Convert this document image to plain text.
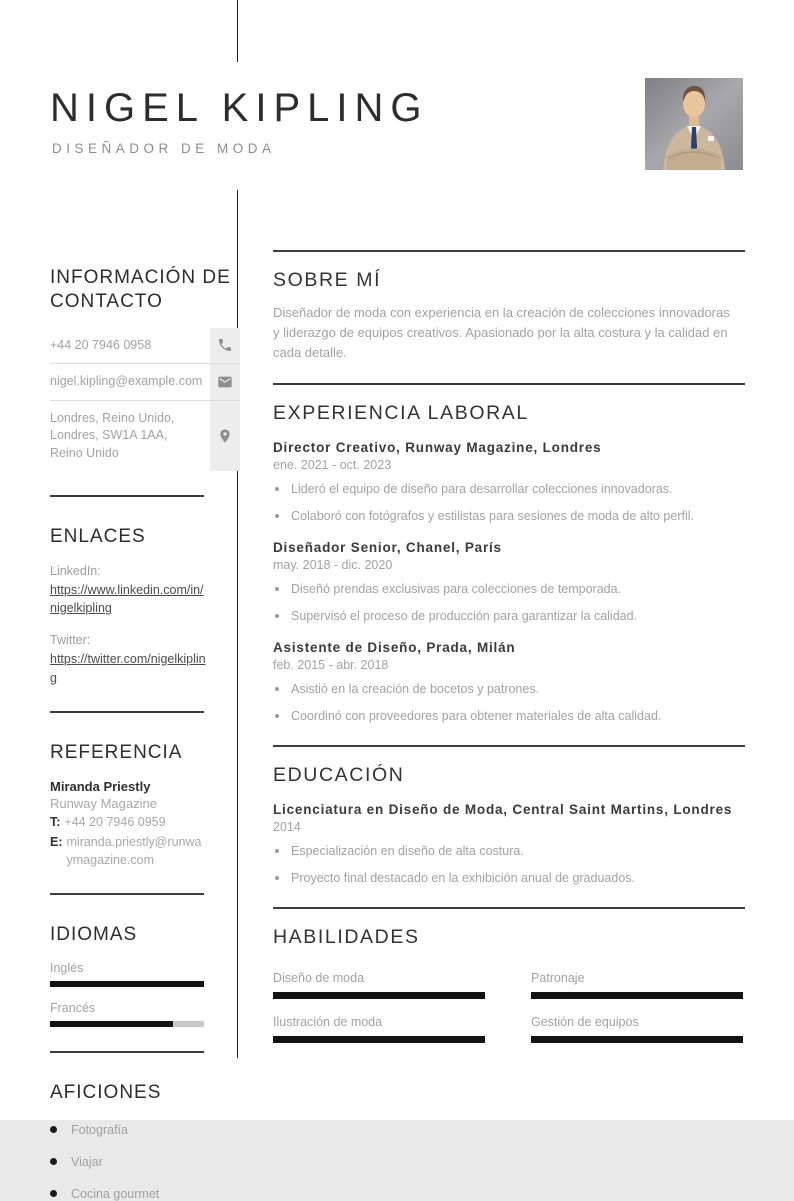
NIGEL KIPLING
DISEÑADOR DE MODA
INFORMACIÓN DE CONTACTO
+44 20 7946 0958
nigel.kipling@example.com
Londres, Reino Unido, Londres, SW1A 1AA, Reino Unido
ENLACES
LinkedIn:
https://www.linkedin.com/in/nigelkipling
Twitter:
https://twitter.com/nigelkipling
REFERENCIA
Miranda Priestly
Runway Magazine
T: +44 20 7946 0959
E: miranda.priestly@runwaymagazine.com
IDIOMAS
Inglés
Francés
AFICIONES
Fotografía
Viajar
Cocina gourmet
SOBRE MÍ
Diseñador de moda con experiencia en la creación de colecciones innovadoras y liderazgo de equipos creativos. Apasionado por la alta costura y la calidad en cada detalle.
EXPERIENCIA LABORAL
Director Creativo, Runway Magazine, Londres
ene. 2021 - oct. 2023
Lideró el equipo de diseño para desarrollar colecciones innovadoras.
Colaboró con fotógrafos y estilistas para sesiones de moda de alto perfil.
Diseñador Senior, Chanel, París
may. 2018 - dic. 2020
Diseñó prendas exclusivas para colecciones de temporada.
Supervisó el proceso de producción para garantizar la calidad.
Asistente de Diseño, Prada, Milán
feb. 2015 - abr. 2018
Asistió en la creación de bocetos y patrones.
Coordinó con proveedores para obtener materiales de alta calidad.
EDUCACIÓN
Licenciatura en Diseño de Moda, Central Saint Martins, Londres
2014
Especialización en diseño de alta costura.
Proyecto final destacado en la exhibición anual de graduados.
HABILIDADES
Diseño de moda	Patronaje
Ilustración de moda	Gestión de equipos
